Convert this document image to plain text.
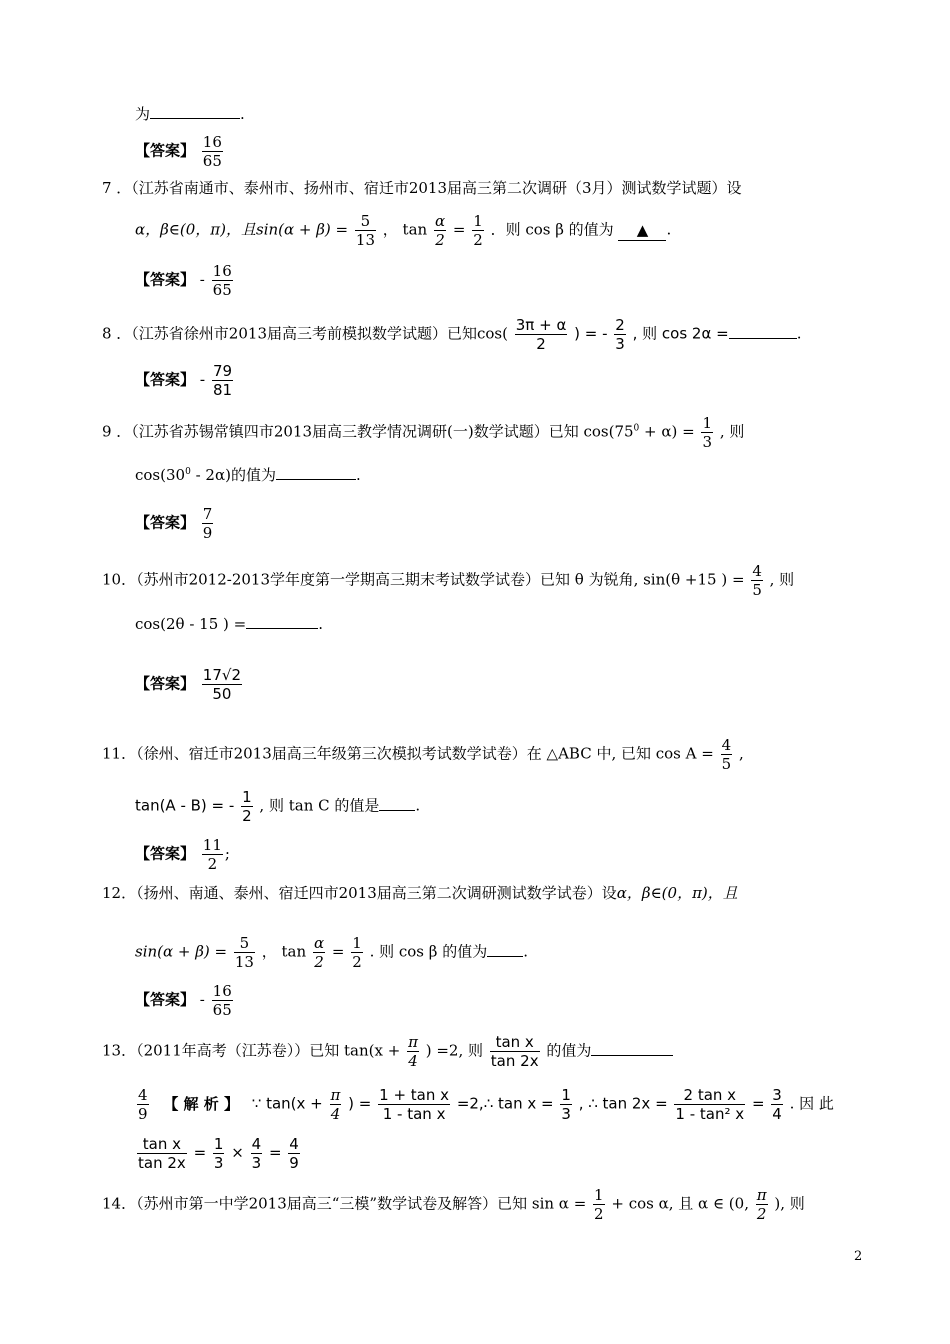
为	.
【答案】 $\frac{16}{65}$
7 ．（江苏省南通市、泰州市、扬州市、宿迁市2013届高三第二次调研（3月）测试数学试题）设
α，β∈(0，π)，且$\sin(\alpha + \beta) = \frac{5}{13}$ ， $\tan \frac{\alpha}{2} = \frac{1}{2}$ ．则 cos β 的值为 ▲ .
【答案】 - $\frac{16}{65}$
8 ．（江苏省徐州市2013届高三考前模拟数学试题）已知$\cos( \frac{3\pi + \alpha}{2}$ ) = - $\frac{2}{3}$ , 则 cos 2α =	.
【答案】 - $\frac{79}{81}$
9 ．（江苏省苏锡常镇四市2013届高三教学情况调研(一)数学试题）已知 $\cos(75^0 + \alpha) = \frac{1}{3}$ , 则
$\cos(30^0 - 2\alpha)$的值为	.
【答案】 $\frac{7}{9}$
10．（苏州市2012-2013学年度第一学期高三期末考试数学试卷）已知 θ 为锐角, sin(θ +15 ) = $\frac{4}{5}$ , 则
cos(2θ - 15 ) =	.
【答案】 $\frac{17√2}{50}$
11．（徐州、宿迁市2013届高三年级第三次模拟考试数学试卷）在 △ABC 中, 已知 $\cos A = \frac{4}{5}$ ,
tan(A - B) = - $\frac{1}{2}$ , 则 tan C 的值是 .
【答案】 $\frac{11}{2}$ ;
12．（扬州、南通、泰州、宿迁四市2013届高三第二次调研测试数学试卷）设α，β∈(0，π)，且
$\sin(\alpha + \beta) = \frac{5}{13}$ ， $\tan \frac{\alpha}{2} = \frac{1}{2}$ . 则 cos β 的值为 .
【答案】 - $\frac{16}{65}$
13．（2011年高考（江苏卷））已知 $\tan(x + \frac{\pi}{4}$ ) =2, 则 $\frac{\text{tan x}}{\tan 2x}$ 的值为
$\frac{4}{9}$ 【 解 析 】 ∵ $\tan(x + \frac{\pi}{4}$ ) = $\frac{\text{1 + tan x}}{\text{1 - tan x}}$ =2,∴ $\tan x = \frac{1}{3}$ , ∴ $\tan 2x = \frac{\text{2 tan x}}{\text{1 - tan² x}} = \frac{3}{4}$ . 因 此
$\frac{\text{tan x}}{\tan 2x} = \frac{1}{3} \times \frac{4}{3} = \frac{4}{9}$
14．（苏州市第一中学2013届高三“三模”数学试卷及解答）已知 $\sin \alpha = \frac{1}{2} + \cos \alpha$, 且 α ∈ (0, $\frac{\pi}{2}$ ), 则
2
